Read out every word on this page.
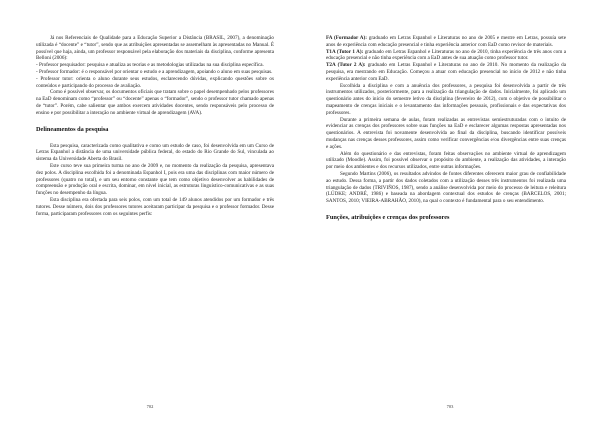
Já nos Referenciais de Qualidade para a Educação Superior a Distância (BRASIL, 2007), a denominação utilizada é “docente” e “tutor”, sendo que as atribuições apresentadas se assemelham às apresentadas no Manual. É possível que haja, ainda, um professor responsável pela elaboração dos materiais da disciplina, conforme apresenta Belloni (2006):

- Professor pesquisador: pesquisa e atualiza as teorias e as metodologias utilizadas na sua disciplina específica.

- Professor formador: é o responsável por orientar o estudo e a aprendizagem, apoiando o aluno em suas pesquisas.

- Professor tutor: orienta o aluno durante seus estudos, esclarecendo dúvidas, explicando questões sobre os conteúdos e participando do processo de avaliação.

Como é possível observar, os documentos oficiais que tratam sobre o papel desempenhado pelos professores na EaD denominam como “professor” ou “docente” apenas o “formador”, sendo o professor tutor chamado apenas de “tutor”. Porém, cabe salientar que ambos exercem atividades docentes, sendo responsáveis pelo processo de ensino e por possibilitar a interação no ambiente virtual de aprendizagem (AVA).

Delineamentos da pesquisa

Esta pesquisa, caracterizada como qualitativa e como um estudo de caso, foi desenvolvida em um Curso de Letras Espanhol a distância de uma universidade pública federal, do estado do Rio Grande do Sul, vinculada ao sistema da Universidade Aberta do Brasil.

Este curso teve sua primeira turma no ano de 2009 e, no momento da realização da pesquisa, apresentava dez polos. A disciplina escolhida foi a denominada Espanhol I, pois era uma das disciplinas com maior número de professores (quatro no total), e um seu entorno constante que tem como objetivo desenvolver as habilidades de compreensão e produção oral e escrita, dominar, em nível inicial, as estruturas linguístico-comunicativas e as suas funções no desempenho da língua.

Esta disciplina era ofertada para seis polos, com um total de 149 alunos atendidos por um formador e três tutores. Desse número, dois dos professores tutores aceitaram participar da pesquisa e o professor formador. Desse forma, participaram professores com os seguintes perfis:

702

FA (Formador A): graduado em Letras Espanhol e Literaturas no ano de 2005 e mestre em Letras, possuía sete anos de experiência com educação presencial e tinha experiência anterior com EaD como revisor de materiais.

T1A (Tutor 1 A): graduado em Letras Espanhol e Literaturas no ano de 2010, tinha experiência de três anos com a educação presencial e não tinha experiência com a EaD antes de sua atuação como professor tutor.

T2A (Tutor 2 A): graduado em Letras Espanhol e Literaturas no ano de 2010. No momento da realização da pesquisa, era mestrando em Educação. Começou a atuar com educação presencial no início de 2012 e não tinha experiência anterior com EaD.

Escolhida a disciplina e com a anuência dos professores, a pesquisa foi desenvolvida a partir de três instrumentos utilizados, posteriormente, para a realização da triangulação de dados. Inicialmente, foi aplicado um questionário antes do início do semestre letivo da disciplina (fevereiro de 2012), com o objetivo de possibilitar o mapeamento de crenças iniciais e o levantamento das informações pessoais, profissionais e das expectativas dos professores.

Durante a primeira semana de aulas, foram realizadas as entrevistas semiestruturadas com o intuito de evidenciar as crenças dos professores sobre suas funções na EaD e esclarecer algumas respostas apresentadas nos questionários. A entrevista foi novamente desenvolvida ao final da disciplina, buscando identificar possíveis mudanças nas crenças desses professores, assim como verificar convergências e/ou divergências entre suas crenças e ações.

Além do questionário e das entrevistas, foram feitas observações no ambiente virtual de aprendizagem utilizado (Moodle). Assim, foi possível observar o propósito do ambiente, a realização das atividades, a interação por meio dos ambientes e dos recursos utilizados, entre outras informações.

Segundo Martins (2006), os resultados advindos de fontes diferentes oferecem maior grau de confiabilidade ao estudo. Dessa forma, a partir dos dados coletados com a utilização desses três instrumentos foi realizada uma triangulação de dados (TRIVIÑOS, 1987), sendo a análise desenvolvida por meio do processo de leitura e releitura (LÜDKE; ANDRÉ, 1986) e baseada na abordagem contextual dos estudos de crenças (BARCELOS, 2001; SANTOS, 2010; VIEIRA-ABRAHÃO, 2010), na qual o contexto é fundamental para o seu entendimento.

Funções, atribuições e crenças dos professores
703
